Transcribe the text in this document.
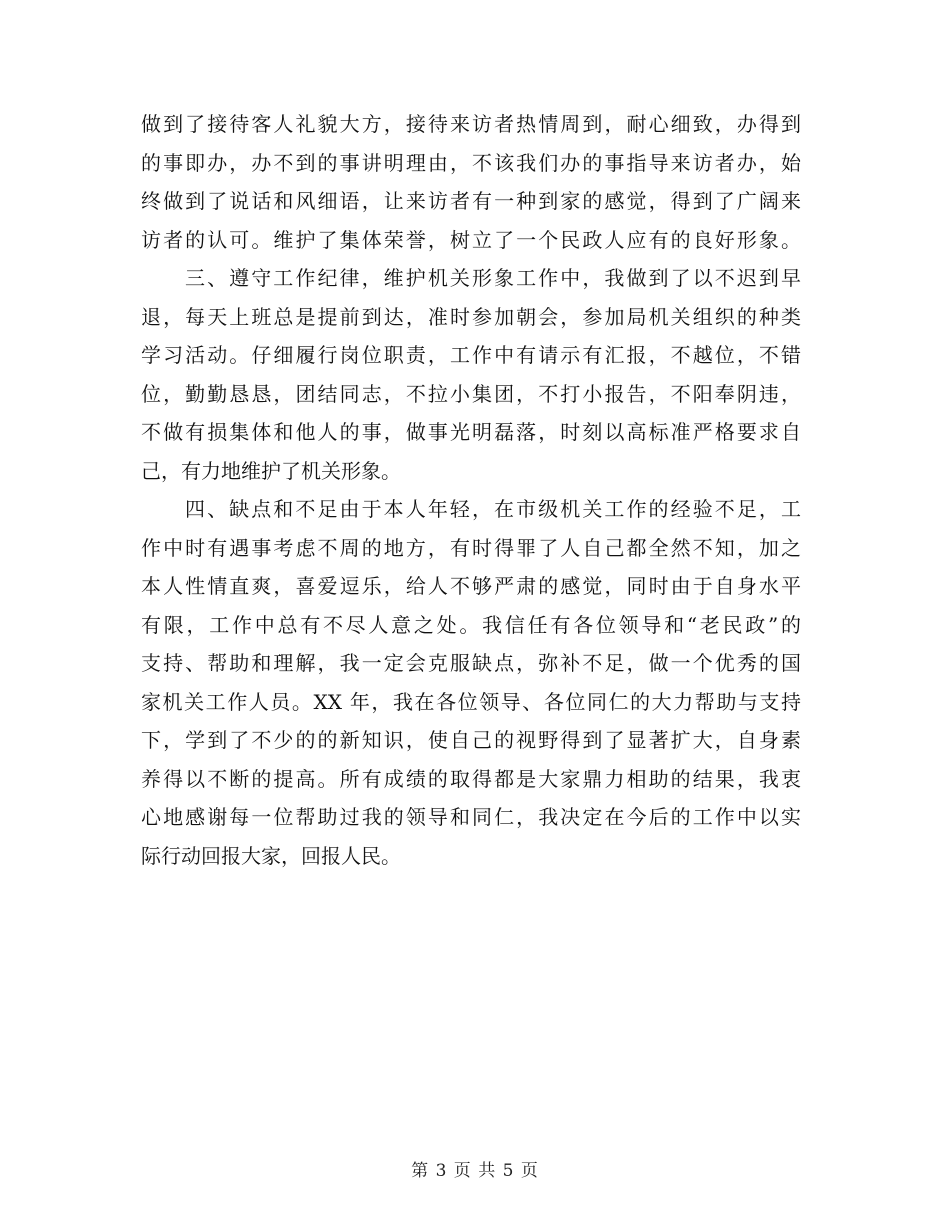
做到了接待客人礼貌大方，接待来访者热情周到，耐心细致，办得到
的事即办，办不到的事讲明理由，不该我们办的事指导来访者办，始
终做到了说话和风细语，让来访者有一种到家的感觉，得到了广阔来
访者的认可。维护了集体荣誉，树立了一个民政人应有的良好形象。
三、遵守工作纪律，维护机关形象工作中，我做到了以不迟到早
退，每天上班总是提前到达，准时参加朝会，参加局机关组织的种类
学习活动。仔细履行岗位职责，工作中有请示有汇报，不越位，不错
位，勤勤恳恳，团结同志，不拉小集团，不打小报告，不阳奉阴违，
不做有损集体和他人的事，做事光明磊落，时刻以高标准严格要求自
己，有力地维护了机关形象。
四、缺点和不足由于本人年轻，在市级机关工作的经验不足，工
作中时有遇事考虑不周的地方，有时得罪了人自己都全然不知，加之
本人性情直爽，喜爱逗乐，给人不够严肃的感觉，同时由于自身水平
有限，工作中总有不尽人意之处。我信任有各位领导和“老民政”的
支持、帮助和理解，我一定会克服缺点，弥补不足，做一个优秀的国
家机关工作人员。XX 年，我在各位领导、各位同仁的大力帮助与支持
下，学到了不少的的新知识，使自己的视野得到了显著扩大，自身素
养得以不断的提高。所有成绩的取得都是大家鼎力相助的结果，我衷
心地感谢每一位帮助过我的领导和同仁，我决定在今后的工作中以实
际行动回报大家，回报人民。
第 3 页 共 5 页
